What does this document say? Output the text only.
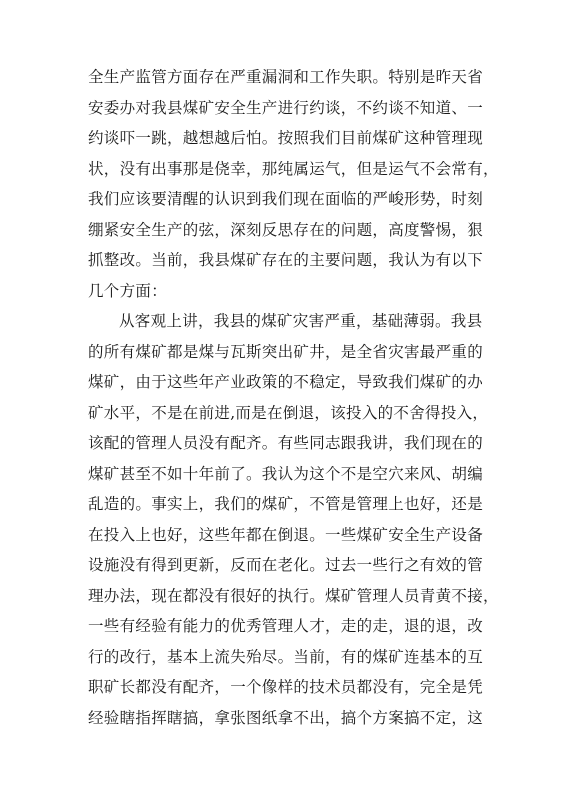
全生产监管方面存在严重漏洞和工作失职。特别是昨天省
安委办对我县煤矿安全生产进行约谈，不约谈不知道、一
约谈吓一跳，越想越后怕。按照我们目前煤矿这种管理现
状，没有出事那是侥幸，那纯属运气，但是运气不会常有，
我们应该要清醒的认识到我们现在面临的严峻形势，时刻
绷紧安全生产的弦，深刻反思存在的问题，高度警惕，狠
抓整改。当前，我县煤矿存在的主要问题，我认为有以下
几个方面：
从客观上讲，我县的煤矿灾害严重，基础薄弱。我县
的所有煤矿都是煤与瓦斯突出矿井，是全省灾害最严重的
煤矿，由于这些年产业政策的不稳定，导致我们煤矿的办
矿水平，不是在前进,而是在倒退，该投入的不舍得投入，
该配的管理人员没有配齐。有些同志跟我讲，我们现在的
煤矿甚至不如十年前了。我认为这个不是空穴来风、胡编
乱造的。事实上，我们的煤矿，不管是管理上也好，还是
在投入上也好，这些年都在倒退。一些煤矿安全生产设备
设施没有得到更新，反而在老化。过去一些行之有效的管
理办法，现在都没有很好的执行。煤矿管理人员青黄不接，
一些有经验有能力的优秀管理人才，走的走，退的退，改
行的改行，基本上流失殆尽。当前，有的煤矿连基本的互
职矿长都没有配齐，一个像样的技术员都没有，完全是凭
经验瞎指挥瞎搞，拿张图纸拿不出，搞个方案搞不定，这
